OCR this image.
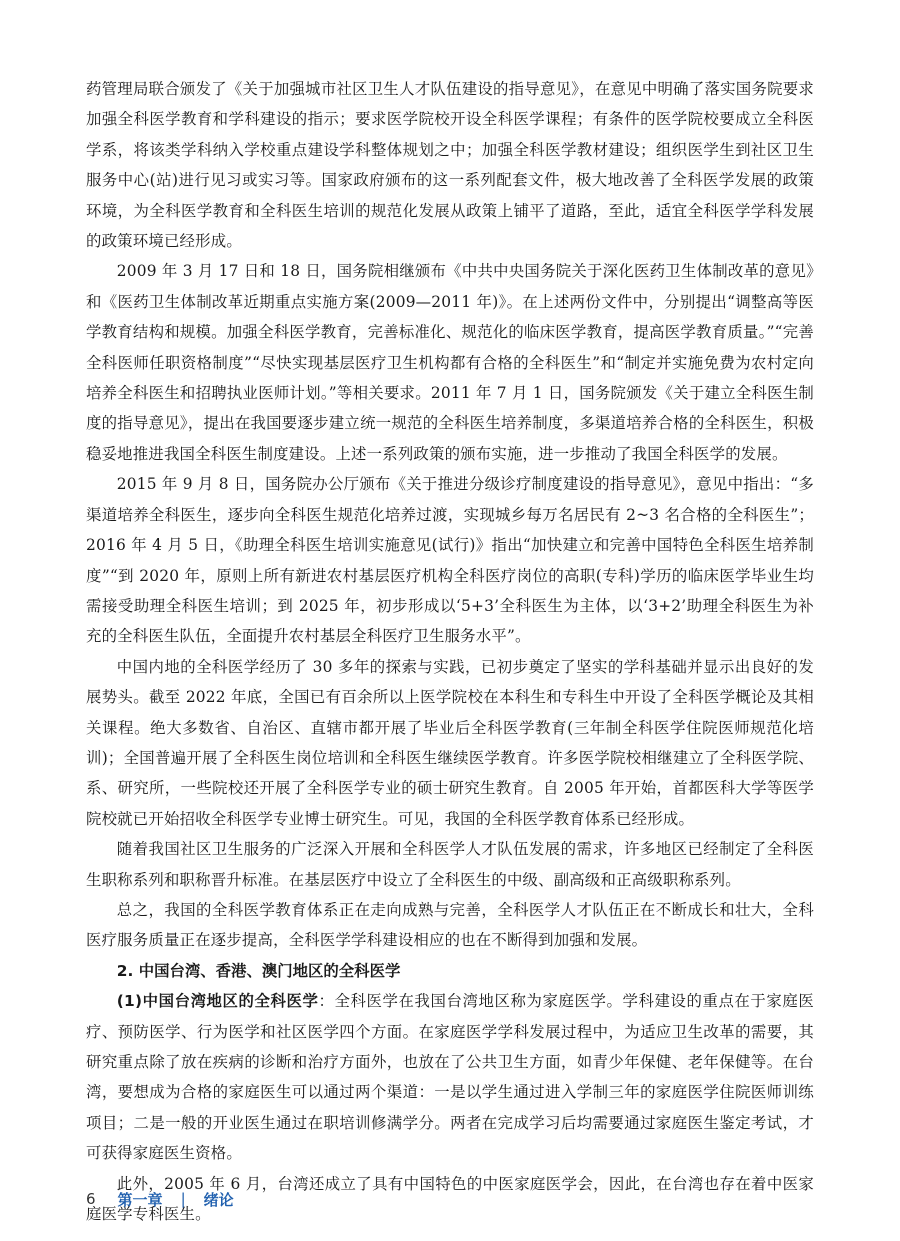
药管理局联合颁发了《关于加强城市社区卫生人才队伍建设的指导意见》，在意见中明确了落实国务院要求加强全科医学教育和学科建设的指示；要求医学院校开设全科医学课程；有条件的医学院校要成立全科医学系，将该类学科纳入学校重点建设学科整体规划之中；加强全科医学教材建设；组织医学生到社区卫生服务中心(站)进行见习或实习等。国家政府颁布的这一系列配套文件，极大地改善了全科医学发展的政策环境，为全科医学教育和全科医生培训的规范化发展从政策上铺平了道路，至此，适宜全科医学学科发展的政策环境已经形成。

2009 年 3 月 17 日和 18 日，国务院相继颁布《中共中央国务院关于深化医药卫生体制改革的意见》和《医药卫生体制改革近期重点实施方案(2009—2011 年)》。在上述两份文件中，分别提出“调整高等医学教育结构和规模。加强全科医学教育，完善标准化、规范化的临床医学教育，提高医学教育质量。”“完善全科医师任职资格制度”“尽快实现基层医疗卫生机构都有合格的全科医生”和“制定并实施免费为农村定向培养全科医生和招聘执业医师计划。”等相关要求。2011 年 7 月 1 日，国务院颁发《关于建立全科医生制度的指导意见》，提出在我国要逐步建立统一规范的全科医生培养制度，多渠道培养合格的全科医生，积极稳妥地推进我国全科医生制度建设。上述一系列政策的颁布实施，进一步推动了我国全科医学的发展。

2015 年 9 月 8 日，国务院办公厅颁布《关于推进分级诊疗制度建设的指导意见》，意见中指出：“多渠道培养全科医生，逐步向全科医生规范化培养过渡，实现城乡每万名居民有 2~3 名合格的全科医生”；2016 年 4 月 5 日，《助理全科医生培训实施意见(试行)》指出“加快建立和完善中国特色全科医生培养制度”“到 2020 年，原则上所有新进农村基层医疗机构全科医疗岗位的高职(专科)学历的临床医学毕业生均需接受助理全科医生培训；到 2025 年，初步形成以‘5+3’全科医生为主体，以‘3+2’助理全科医生为补充的全科医生队伍，全面提升农村基层全科医疗卫生服务水平”。

中国内地的全科医学经历了 30 多年的探索与实践，已初步奠定了坚实的学科基础并显示出良好的发展势头。截至 2022 年底，全国已有百余所以上医学院校在本科生和专科生中开设了全科医学概论及其相关课程。绝大多数省、自治区、直辖市都开展了毕业后全科医学教育(三年制全科医学住院医师规范化培训)；全国普遍开展了全科医生岗位培训和全科医生继续医学教育。许多医学院校相继建立了全科医学院、系、研究所，一些院校还开展了全科医学专业的硕士研究生教育。自 2005 年开始，首都医科大学等医学院校就已开始招收全科医学专业博士研究生。可见，我国的全科医学教育体系已经形成。

随着我国社区卫生服务的广泛深入开展和全科医学人才队伍发展的需求，许多地区已经制定了全科医生职称系列和职称晋升标准。在基层医疗中设立了全科医生的中级、副高级和正高级职称系列。

总之，我国的全科医学教育体系正在走向成熟与完善，全科医学人才队伍正在不断成长和壮大，全科医疗服务质量正在逐步提高，全科医学学科建设相应的也在不断得到加强和发展。

2. 中国台湾、香港、澳门地区的全科医学

(1)中国台湾地区的全科医学：全科医学在我国台湾地区称为家庭医学。学科建设的重点在于家庭医疗、预防医学、行为医学和社区医学四个方面。在家庭医学学科发展过程中，为适应卫生改革的需要，其研究重点除了放在疾病的诊断和治疗方面外，也放在了公共卫生方面，如青少年保健、老年保健等。在台湾，要想成为合格的家庭医生可以通过两个渠道：一是以学生通过进入学制三年的家庭医学住院医师训练项目；二是一般的开业医生通过在职培训修满学分。两者在完成学习后均需要通过家庭医生鉴定考试，才可获得家庭医生资格。

此外，2005 年 6 月，台湾还成立了具有中国特色的中医家庭医学会，因此，在台湾也存在着中医家庭医学专科医生。

6 第一章 | 绪论
